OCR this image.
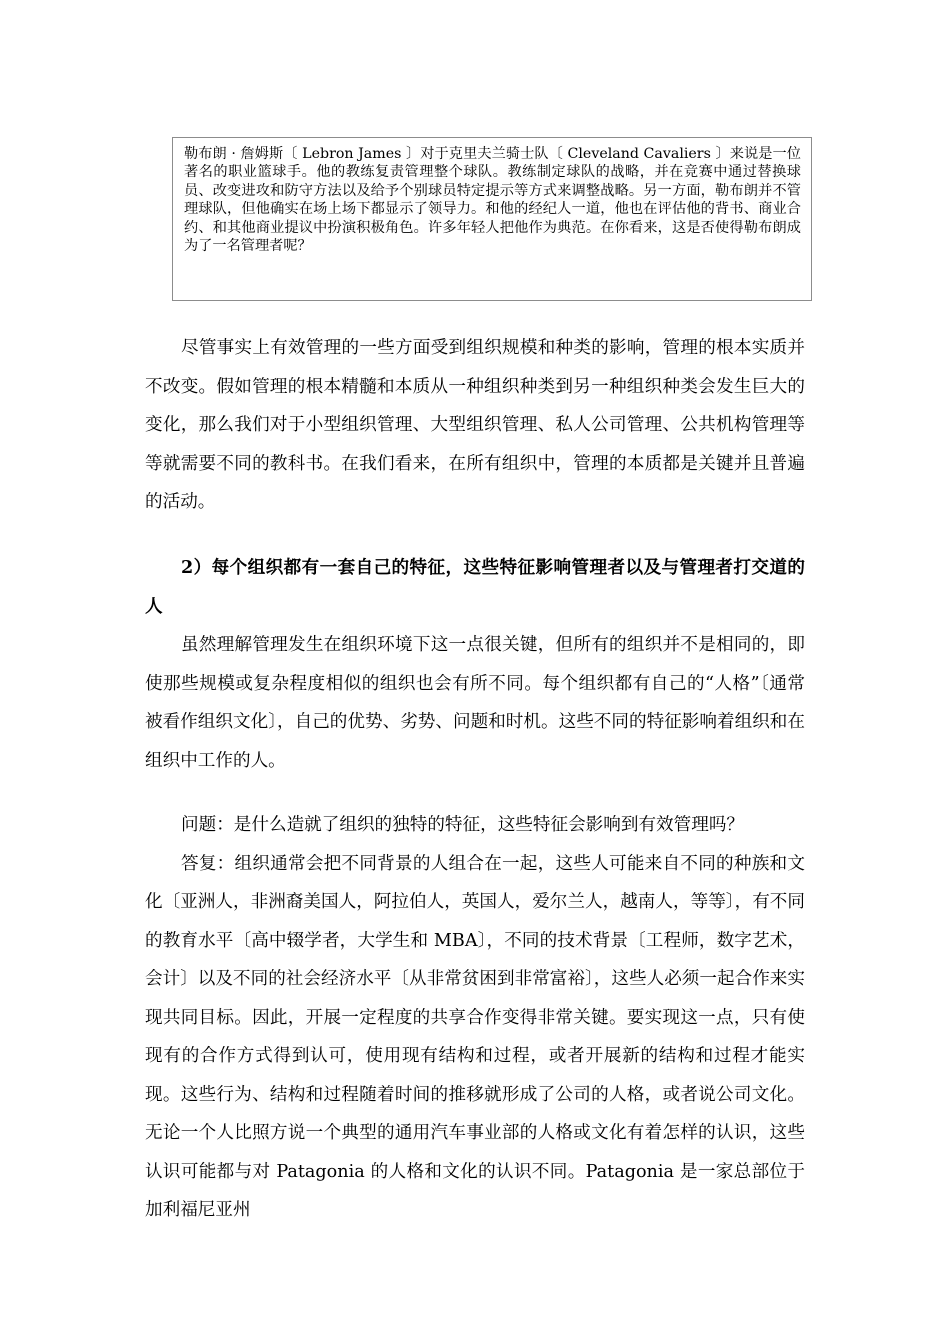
勒布朗 · 詹姆斯〔 Lebron James 〕对于克里夫兰骑士队〔 Cleveland Cavaliers 〕来说是一位著名的职业篮球手。他的教练复责管理整个球队。教练制定球队的战略，并在竞赛中通过替换球员、改变进攻和防守方法以及给予个别球员特定提示等方式来调整战略。另一方面，勒布朗并不管理球队，但他确实在场上场下都显示了领导力。和他的经纪人一道，他也在评估他的背书、商业合约、和其他商业提议中扮演积极角色。许多年轻人把他作为典范。在你看来，这是否使得勒布朗成为了一名管理者呢？

尽管事实上有效管理的一些方面受到组织规模和种类的影响，管理的根本实质并不改变。假如管理的根本精髓和本质从一种组织种类到另一种组织种类会发生巨大的变化，那么我们对于小型组织管理、大型组织管理、私人公司管理、公共机构管理等等就需要不同的教科书。在我们看来，在所有组织中，管理的本质都是关键并且普遍的活动。

2）每个组织都有一套自己的特征，这些特征影响管理者以及与管理者打交道的人

虽然理解管理发生在组织环境下这一点很关键，但所有的组织并不是相同的，即使那些规模或复杂程度相似的组织也会有所不同。每个组织都有自己的“人格”〔通常被看作组织文化〕，自己的优势、劣势、问题和时机。这些不同的特征影响着组织和在组织中工作的人。

问题：是什么造就了组织的独特的特征，这些特征会影响到有效管理吗？

答复：组织通常会把不同背景的人组合在一起，这些人可能来自不同的种族和文化〔亚洲人，非洲裔美国人，阿拉伯人，英国人，爱尔兰人，越南人，等等〕，有不同的教育水平〔高中辍学者，大学生和 MBA〕，不同的技术背景〔工程师，数字艺术，会计〕以及不同的社会经济水平〔从非常贫困到非常富裕〕，这些人必须一起合作来实现共同目标。因此，开展一定程度的共享合作变得非常关键。要实现这一点，只有使现有的合作方式得到认可，使用现有结构和过程，或者开展新的结构和过程才能实现。这些行为、结构和过程随着时间的推移就形成了公司的人格，或者说公司文化。无论一个人比照方说一个典型的通用汽车事业部的人格或文化有着怎样的认识，这些认识可能都与对 Patagonia 的人格和文化的认识不同。Patagonia 是一家总部位于加利福尼亚州
